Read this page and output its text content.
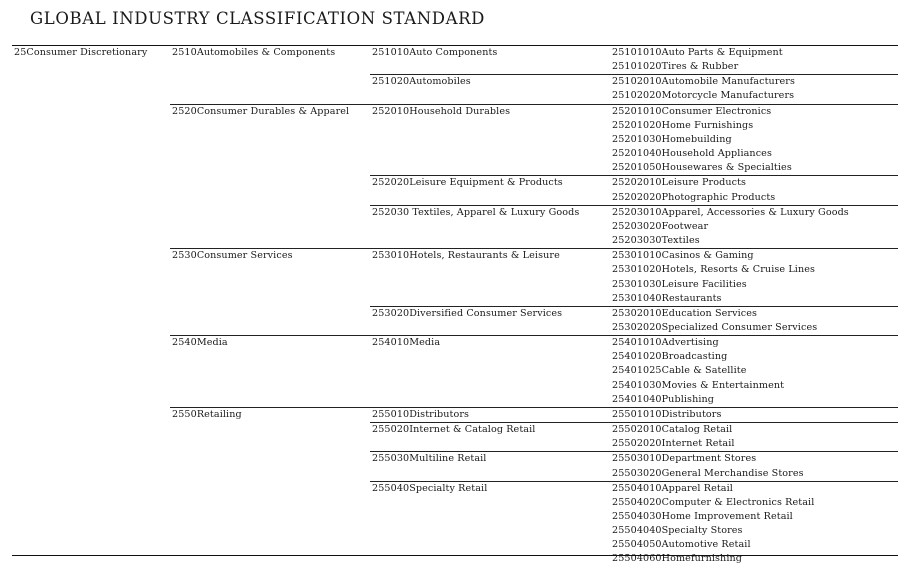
GLOBAL INDUSTRY CLASSIFICATION STANDARD
25Consumer Discretionary	2510Automobiles & Components	251010Auto Components	25101010Auto Parts & Equipment
			25101020Tires & Rubber
		251020Automobiles	25102010Automobile Manufacturers
			25102020Motorcycle Manufacturers
	2520Consumer Durables & Apparel	252010Household Durables	25201010Consumer Electronics
			25201020Home Furnishings
			25201030Homebuilding
			25201040Household Appliances
			25201050Housewares & Specialties
		252020Leisure Equipment & Products	25202010Leisure Products
			25202020Photographic Products
		252030 Textiles, Apparel & Luxury Goods	25203010Apparel, Accessories & Luxury Goods
			25203020Footwear
			25203030Textiles
	2530Consumer Services	253010Hotels, Restaurants & Leisure	25301010Casinos & Gaming
			25301020Hotels, Resorts & Cruise Lines
			25301030Leisure Facilities
			25301040Restaurants
		253020Diversified Consumer Services	25302010Education Services
			25302020Specialized Consumer Services
	2540Media	254010Media	25401010Advertising
			25401020Broadcasting
			25401025Cable & Satellite
			25401030Movies & Entertainment
			25401040Publishing
	2550Retailing	255010Distributors	25501010Distributors
		255020Internet & Catalog Retail	25502010Catalog Retail
			25502020Internet Retail
		255030Multiline Retail	25503010Department Stores
			25503020General Merchandise Stores
		255040Specialty Retail	25504010Apparel Retail
			25504020Computer & Electronics Retail
			25504030Home Improvement Retail
			25504040Specialty Stores
			25504050Automotive Retail
			25504060Homefurnishing
